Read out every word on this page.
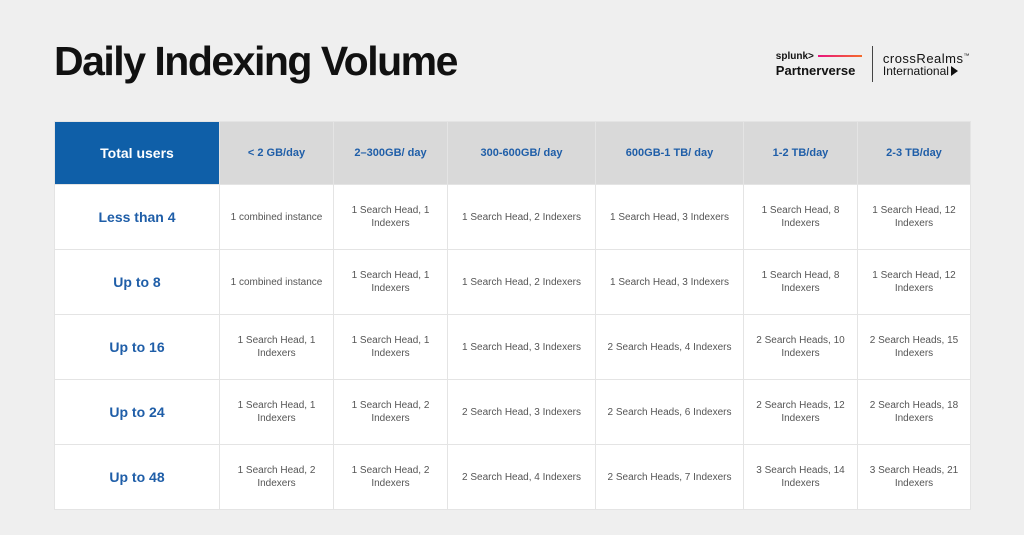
Daily Indexing Volume	splunk>
Partnerverse
crossRealms™
International
Total users	< 2 GB/day	2–300GB/ day	300-600GB/ day	600GB-1 TB/ day	1-2 TB/day	2-3 TB/day
Less than 4	1 combined instance	1 Search Head, 1 Indexers	1 Search Head, 2 Indexers	1 Search Head, 3 Indexers	1 Search Head, 8 Indexers	1 Search Head, 12 Indexers
Up to 8	1 combined instance	1 Search Head, 1 Indexers	1 Search Head, 2 Indexers	1 Search Head, 3 Indexers	1 Search Head, 8 Indexers	1 Search Head, 12 Indexers
Up to 16	1 Search Head, 1 Indexers	1 Search Head, 1 Indexers	1 Search Head, 3 Indexers	2 Search Heads, 4 Indexers	2 Search Heads, 10 Indexers	2 Search Heads, 15 Indexers
Up to 24	1 Search Head, 1 Indexers	1 Search Head, 2 Indexers	2 Search Head, 3 Indexers	2 Search Heads, 6 Indexers	2 Search Heads, 12 Indexers	2 Search Heads, 18 Indexers
Up to 48	1 Search Head, 2 Indexers	1 Search Head, 2 Indexers	2 Search Head, 4 Indexers	2 Search Heads, 7 Indexers	3 Search Heads, 14 Indexers	3 Search Heads, 21 Indexers
